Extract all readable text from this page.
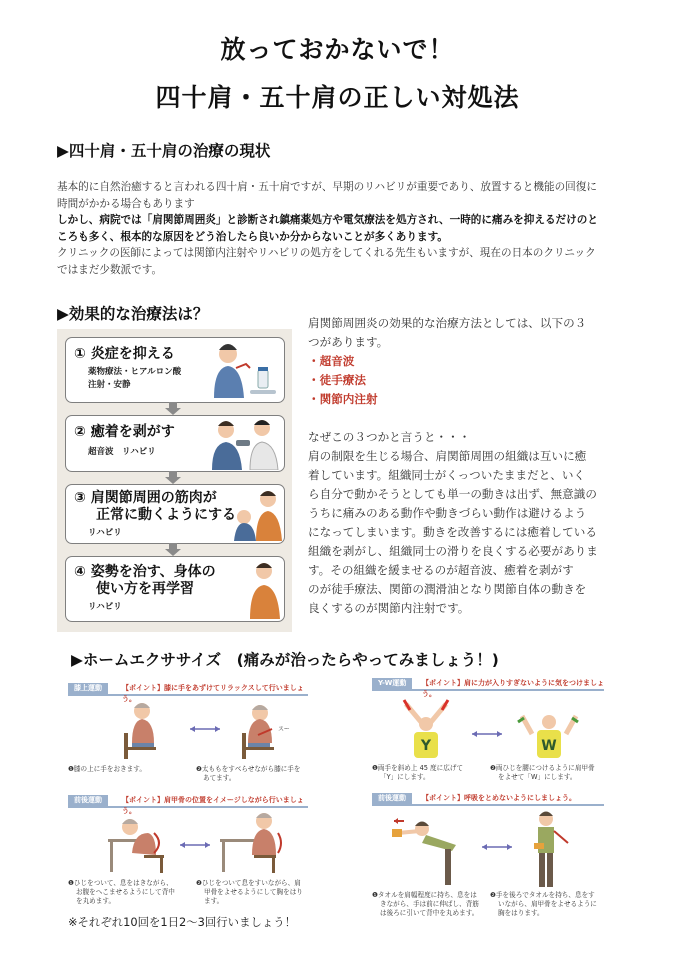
放っておかないで！
四十肩・五十肩の正しい対処法
▶四十肩・五十肩の治療の現状
基本的に自然治癒すると言われる四十肩・五十肩ですが、早期のリハビリが重要であり、放置すると機能の回復に
時間がかかる場合もあります
しかし、病院では「肩関節周囲炎」と診断され鎮痛薬処方や電気療法を処方され、一時的に痛みを抑えるだけのと
ころも多く、根本的な原因をどう治したら良いか分からないことが多くあります。
クリニックの医師によっては関節内注射やリハビリの処方をしてくれる先生もいますが、現在の日本のクリニック
ではまだ少数派です。
▶効果的な治療法は？
① 炎症を抑える
薬物療法・ヒアルロン酸
注射・安静
② 癒着を剥がす
超音波　リハビリ
③ 肩関節周囲の筋肉が
正常に動くようにする
リハビリ
④ 姿勢を治す、身体の
使い方を再学習
リハビリ
肩関節周囲炎の効果的な治療方法としては、以下の３
つがあります。
・超音波
・徒手療法
・関節内注射
なぜこの３つかと言うと・・・
肩の制限を生じる場合、肩関節周囲の組織は互いに癒
着しています。組織同士がくっついたままだと、いく
ら自分で動かそうとしても単一の動きは出ず、無意識の
うちに痛みのある動作や動きづらい動作は避けるよう
になってしまいます。動きを改善するには癒着している
組織を剥がし、組織同士の滑りを良くする必要がありま
す。その組織を緩ませるのが超音波、癒着を剥がす
のが徒手療法、関節の潤滑油となり関節自体の動きを
良くするのが関節内注射です。
▶ホームエクササイズ　(痛みが治ったらやってみましょう！)
膝上運動	【ポイント】膝に手をあずけてリラックスして行いましょう。
スー
❶膝の上に手をおきます。	❷太ももをすべらせながら膝に手を
あてます。
Y-W運動	【ポイント】肩に力が入りすぎないように気をつけましょう。
Y	W
❶両手を斜め上 45 度に広げて
「Y」にします。
❷両ひじを腰につけるように肩甲骨
をよせて「W」にします。
前後運動	【ポイント】肩甲骨の位置をイメージしながら行いましょう。
❶ひじをついて、息をはきながら、
お腹をへこませるようにして背中
を丸めます。
❷ひじをついて息をすいながら、肩
甲骨をよせるようにして胸をはり
ます。
前後運動	【ポイント】呼吸をとめないようにしましょう。
❶タオルを肩幅程度に持ち、息をは
きながら、手は前に伸ばし、背筋
は後ろに引いて背中を丸めます。
❷手を後ろでタオルを持ち、息をす
いながら、肩甲骨をよせるように
胸をはります。
※それぞれ10回を1日2〜3回行いましょう！
